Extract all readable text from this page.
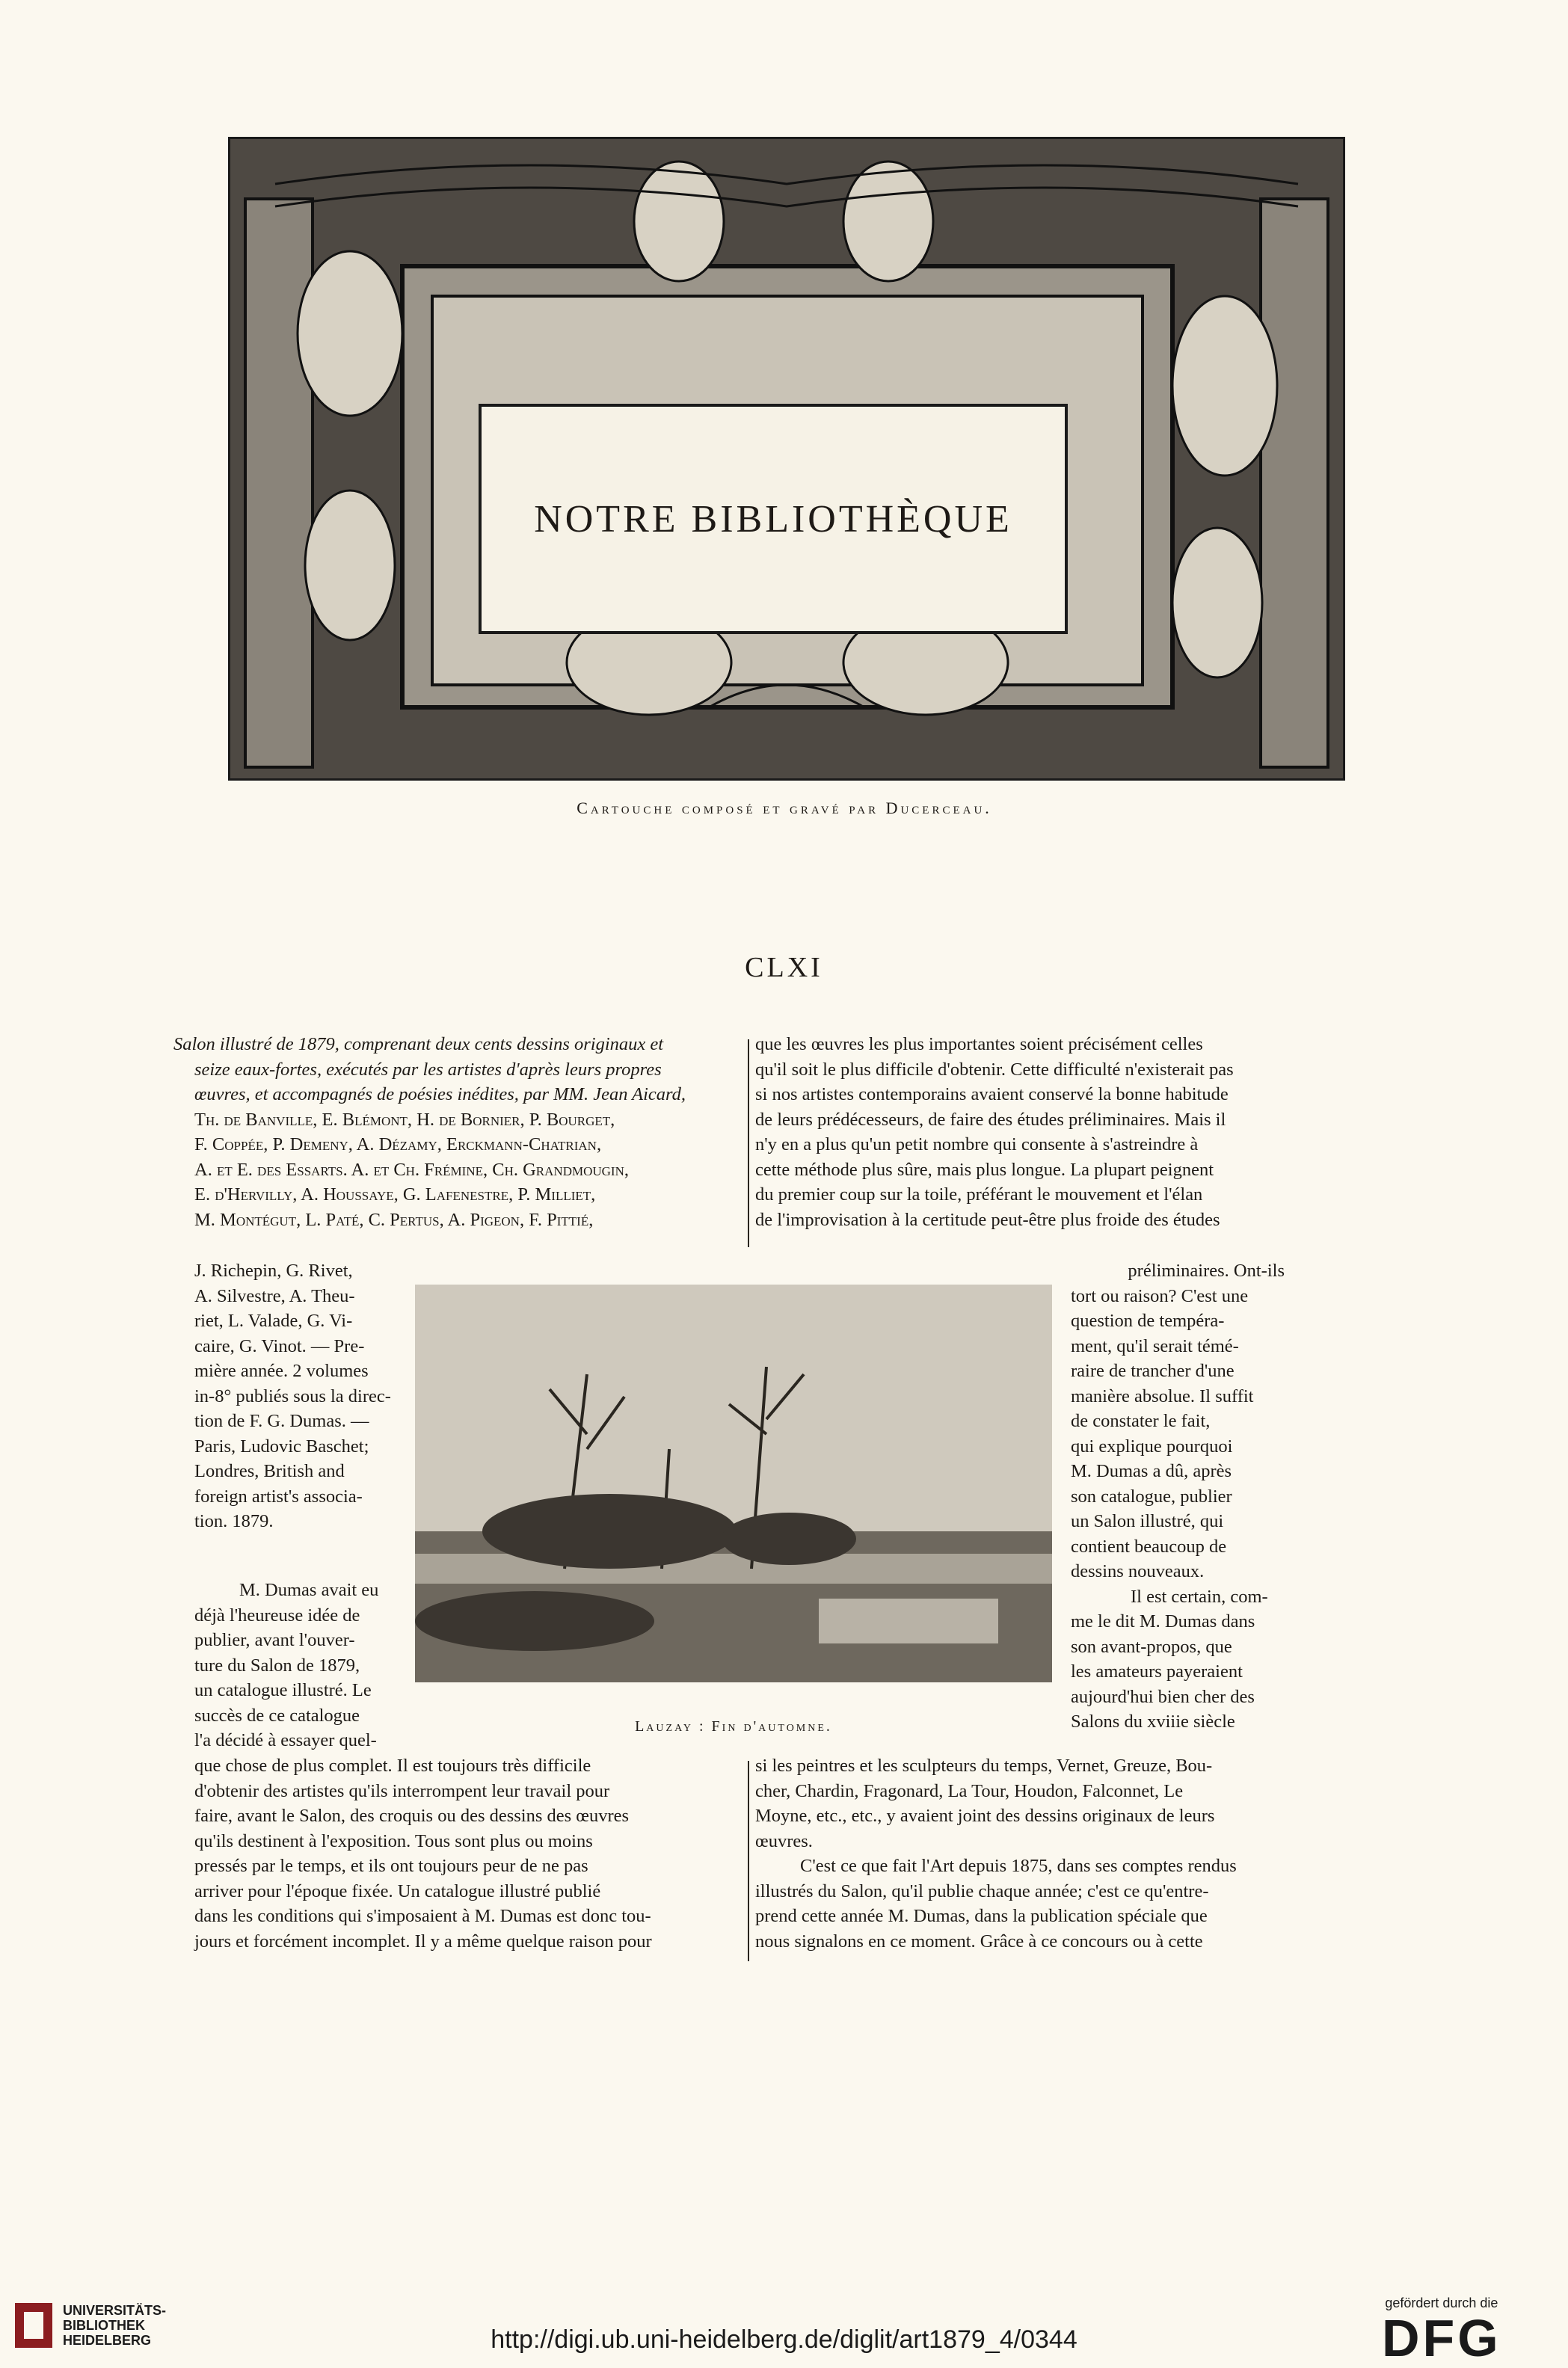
NOTRE BIBLIOTHÈQUE
Cartouche composé et gravé par Ducerceau.
CLXI

Salon illustré de 1879, comprenant deux cents dessins originaux et

seize eaux-fortes, exécutés par les artistes d'après leurs propres

œuvres, et accompagnés de poésies inédites, par MM. Jean Aicard,

Th. de Banville, E. Blémont, H. de Bornier, P. Bourget,

F. Coppée, P. Demeny, A. Dézamy, Erckmann-Chatrian,

A. et E. des Essarts. A. et Ch. Frémine, Ch. Grandmougin,

E. d'Hervilly, A. Houssaye, G. Lafenestre, P. Milliet,

M. Montégut, L. Paté, C. Pertus, A. Pigeon, F. Pittié,

J. Richepin, G. Rivet,

A. Silvestre, A. Theu-

riet, L. Valade, G. Vi-

caire, G. Vinot. — Pre-

mière année. 2 volumes

in-8° publiés sous la direc-

tion de F. G. Dumas. —

Paris, Ludovic Baschet;

Londres, British and

foreign artist's associa-

tion. 1879.

M. Dumas avait eu

déjà l'heureuse idée de

publier, avant l'ouver-

ture du Salon de 1879,

un catalogue illustré. Le

succès de ce catalogue

l'a décidé à essayer quel-

que chose de plus complet. Il est toujours très difficile

d'obtenir des artistes qu'ils interrompent leur travail pour

faire, avant le Salon, des croquis ou des dessins des œuvres

qu'ils destinent à l'exposition. Tous sont plus ou moins

pressés par le temps, et ils ont toujours peur de ne pas

arriver pour l'époque fixée. Un catalogue illustré publié

dans les conditions qui s'imposaient à M. Dumas est donc tou-

jours et forcément incomplet. Il y a même quelque raison pour

que les œuvres les plus importantes soient précisément celles

qu'il soit le plus difficile d'obtenir. Cette difficulté n'existerait pas

si nos artistes contemporains avaient conservé la bonne habitude

de leurs prédécesseurs, de faire des études préliminaires. Mais il

n'y en a plus qu'un petit nombre qui consente à s'astreindre à

cette méthode plus sûre, mais plus longue. La plupart peignent

du premier coup sur la toile, préférant le mouvement et l'élan

de l'improvisation à la certitude peut-être plus froide des études

préliminaires. Ont-ils

tort ou raison? C'est une

question de tempéra-

ment, qu'il serait témé-

raire de trancher d'une

manière absolue. Il suffit

de constater le fait,

qui explique pourquoi

M. Dumas a dû, après

son catalogue, publier

un Salon illustré, qui

contient beaucoup de

dessins nouveaux.

Il est certain, com-

me le dit M. Dumas dans

son avant-propos, que

les amateurs payeraient

aujourd'hui bien cher des

Salons du xviiie siècle

si les peintres et les sculpteurs du temps, Vernet, Greuze, Bou-

cher, Chardin, Fragonard, La Tour, Houdon, Falconnet, Le

Moyne, etc., etc., y avaient joint des dessins originaux de leurs

œuvres.

C'est ce que fait l'Art depuis 1875, dans ses comptes rendus

illustrés du Salon, qu'il publie chaque année; c'est ce qu'entre-

prend cette année M. Dumas, dans la publication spéciale que

nous signalons en ce moment. Grâce à ce concours ou à cette

Lauzay : Fin d'automne.
UNIVERSITÄTS-
BIBLIOTHEK
HEIDELBERG	http://digi.ub.uni-heidelberg.de/diglit/art1879_4/0344
gefördert durch die
DFG
